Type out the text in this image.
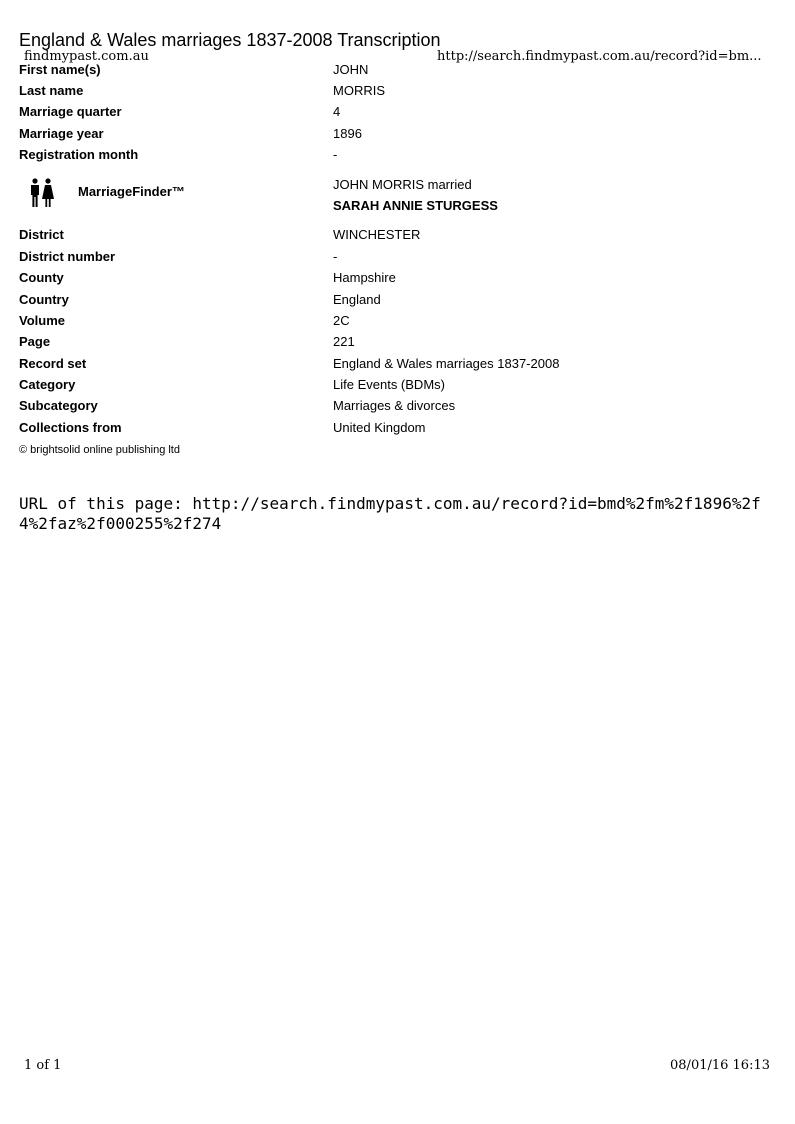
England & Wales marriages 1837-2008 Transcription
findmypast.com.au	http://search.findmypast.com.au/record?id=bm...
First name(s)	JOHN
Last name	MORRIS
Marriage quarter	4
Marriage year	1896
Registration month	-
MarriageFinder™	JOHN MORRIS married
SARAH ANNIE STURGESS
District	WINCHESTER
District number	-
County	Hampshire
Country	England
Volume	2C
Page	221
Record set	England & Wales marriages 1837-2008
Category	Life Events (BDMs)
Subcategory	Marriages & divorces
Collections from	United Kingdom
© brightsolid online publishing ltd
URL of this page: http://search.findmypast.com.au/record?id=bmd%2fm%2f1896%2f4%2faz%2f000255%2f274
1 of 1	08/01/16 16:13
